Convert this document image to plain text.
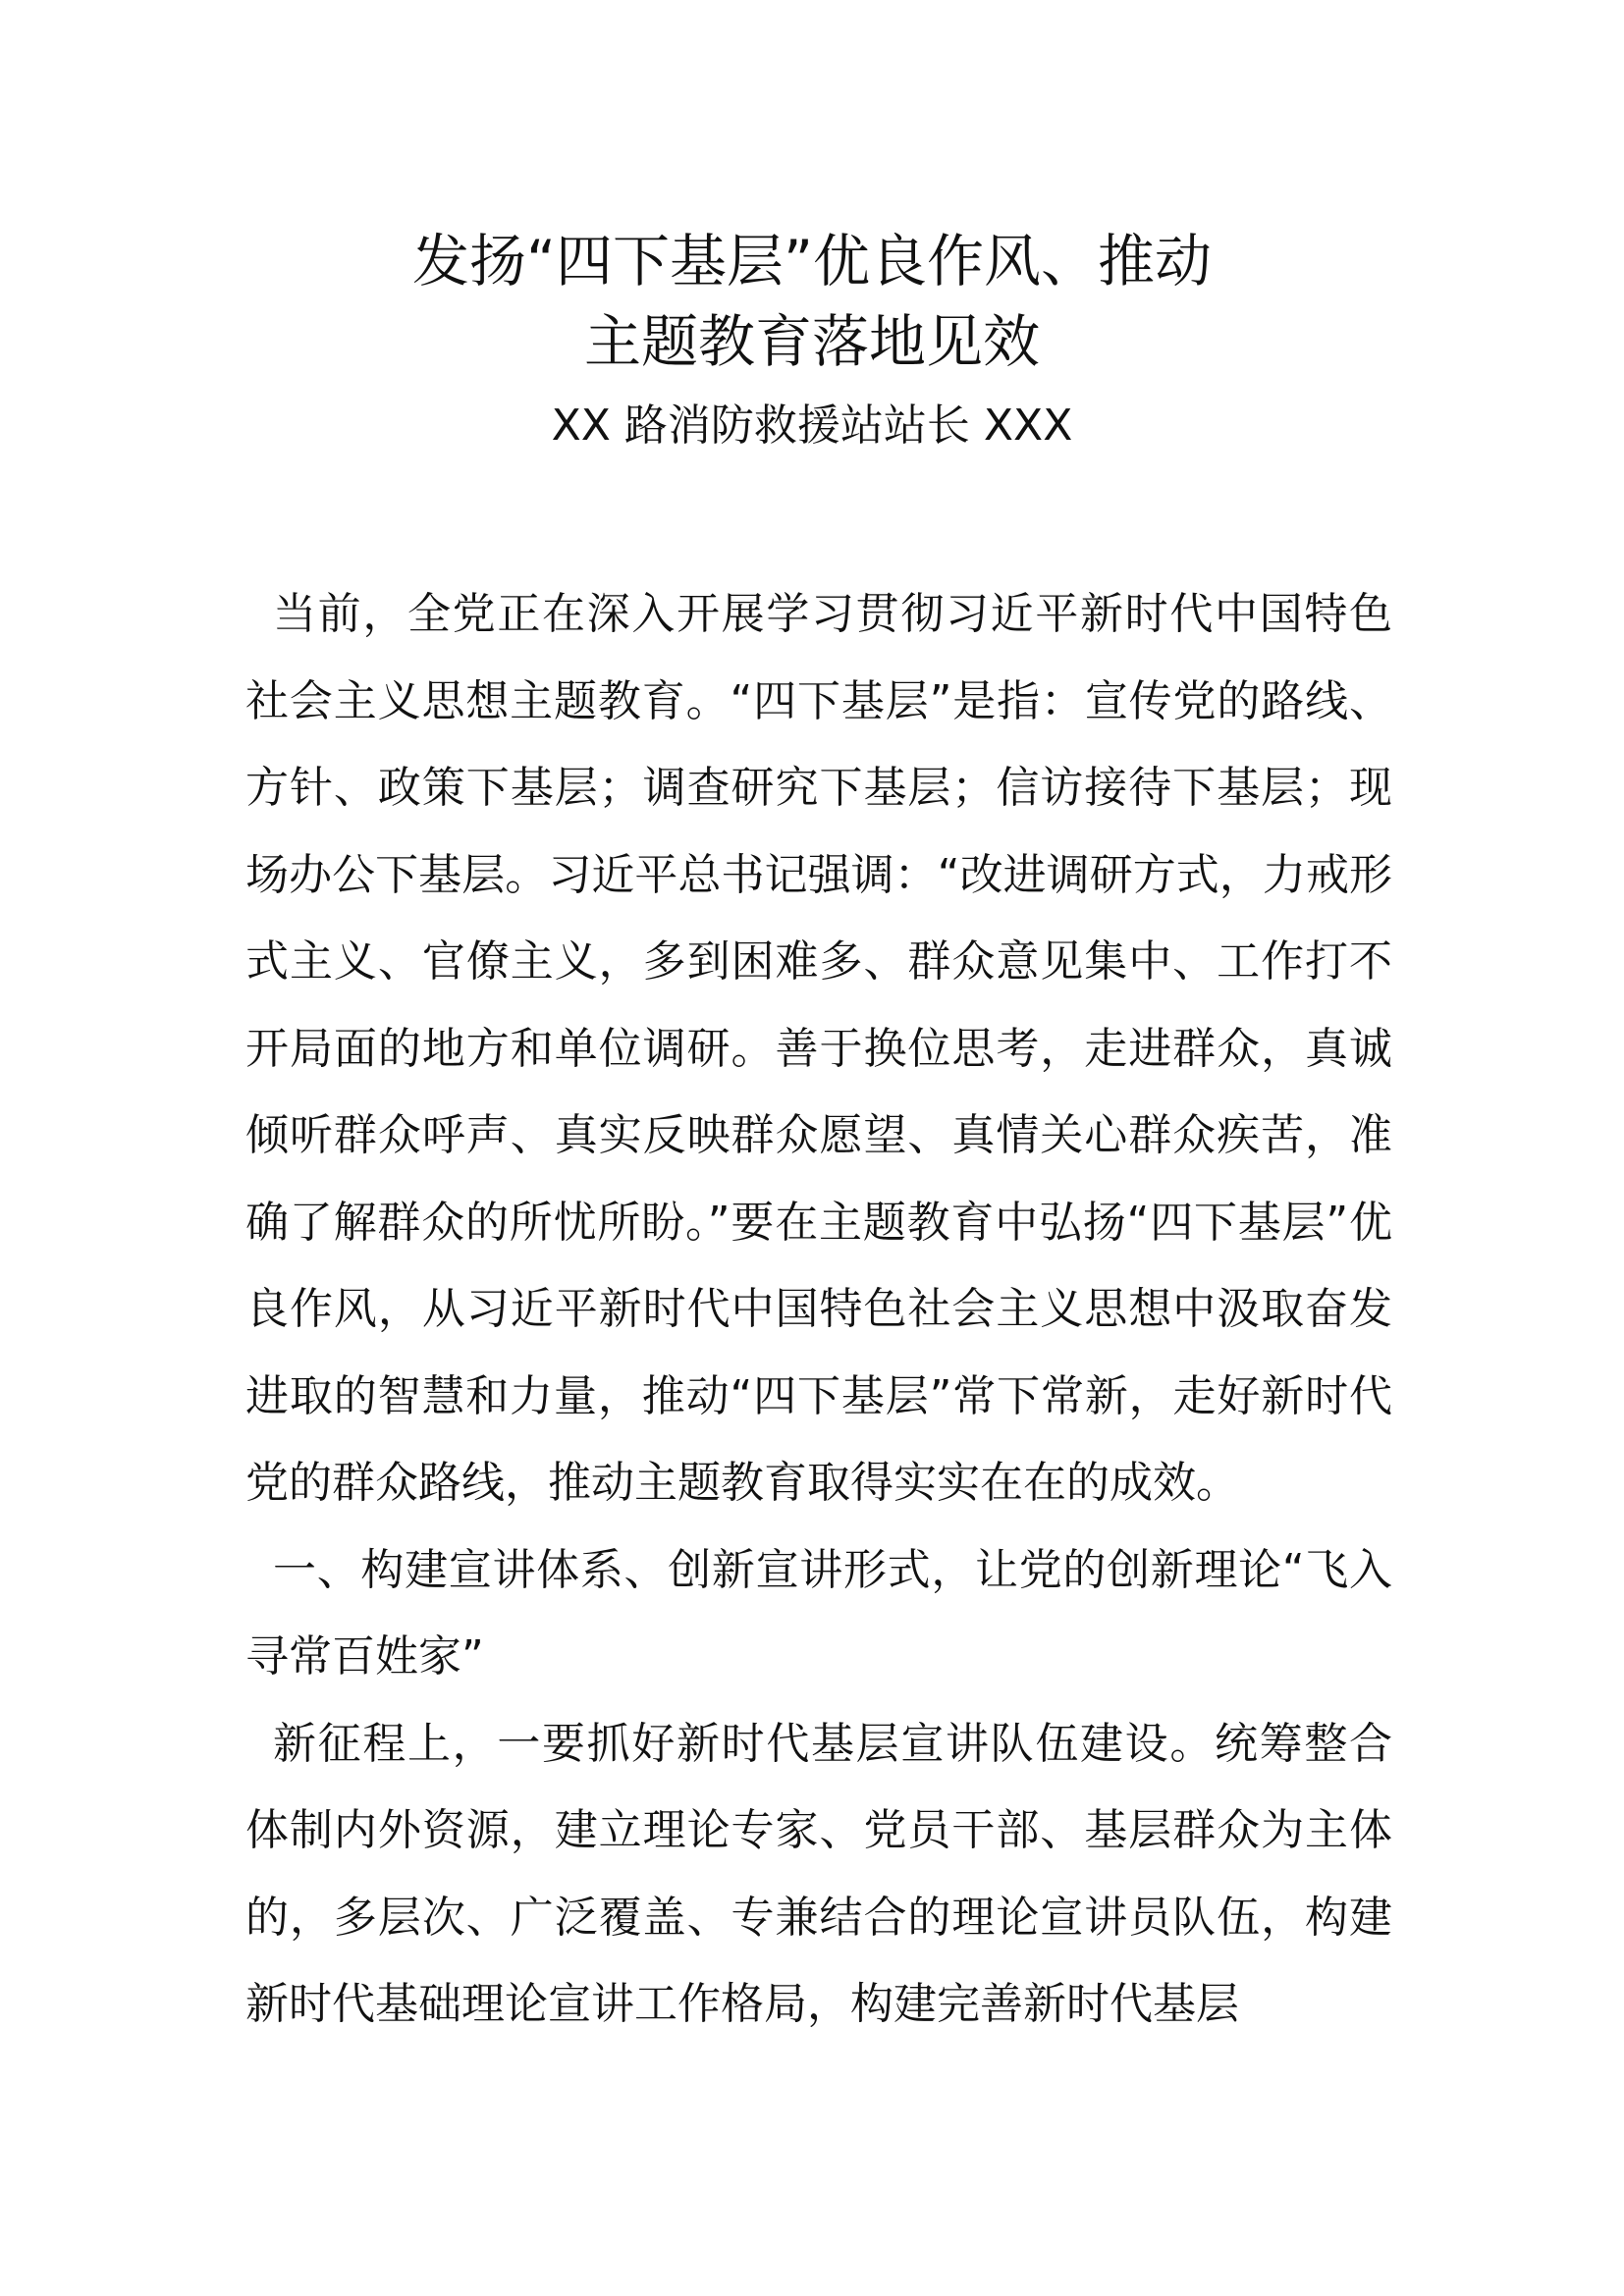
发扬“四下基层”优良作风、推动
主题教育落地见效
XX 路消防救援站站长 XXX

当前，全党正在深入开展学习贯彻习近平新时代中国特色社会主义思想主题教育。“四下基层”是指：宣传党的路线、方针、政策下基层；调查研究下基层；信访接待下基层；现场办公下基层。习近平总书记强调：“改进调研方式，力戒形式主义、官僚主义，多到困难多、群众意见集中、工作打不开局面的地方和单位调研。善于换位思考，走进群众，真诚倾听群众呼声、真实反映群众愿望、真情关心群众疾苦，准确了解群众的所忧所盼。”要在主题教育中弘扬“四下基层”优良作风，从习近平新时代中国特色社会主义思想中汲取奋发进取的智慧和力量，推动“四下基层”常下常新，走好新时代党的群众路线，推动主题教育取得实实在在的成效。

一、构建宣讲体系、创新宣讲形式，让党的创新理论“飞入寻常百姓家”

新征程上，一要抓好新时代基层宣讲队伍建设。统筹整合体制内外资源，建立理论专家、党员干部、基层群众为主体的，多层次、广泛覆盖、专兼结合的理论宣讲员队伍，构建新时代基础理论宣讲工作格局，构建完善新时代基层
